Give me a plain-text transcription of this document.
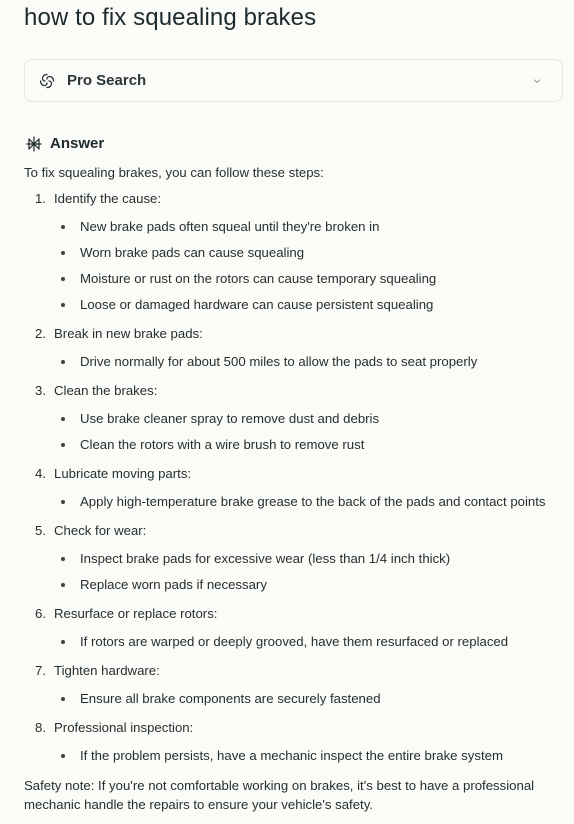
how to fix squealing brakes
Pro Search
Answer

To fix squealing brakes, you can follow these steps:

1. Identify the cause:
New brake pads often squeal until they're broken in
Worn brake pads can cause squealing
Moisture or rust on the rotors can cause temporary squealing
Loose or damaged hardware can cause persistent squealing
2. Break in new brake pads:
Drive normally for about 500 miles to allow the pads to seat properly
3. Clean the brakes:
Use brake cleaner spray to remove dust and debris
Clean the rotors with a wire brush to remove rust
4. Lubricate moving parts:
Apply high-temperature brake grease to the back of the pads and contact points
5. Check for wear:
Inspect brake pads for excessive wear (less than 1/4 inch thick)
Replace worn pads if necessary
6. Resurface or replace rotors:
If rotors are warped or deeply grooved, have them resurfaced or replaced
7. Tighten hardware:
Ensure all brake components are securely fastened
8. Professional inspection:
If the problem persists, have a mechanic inspect the entire brake system

Safety note: If you're not comfortable working on brakes, it's best to have a professional mechanic handle the repairs to ensure your vehicle's safety.
